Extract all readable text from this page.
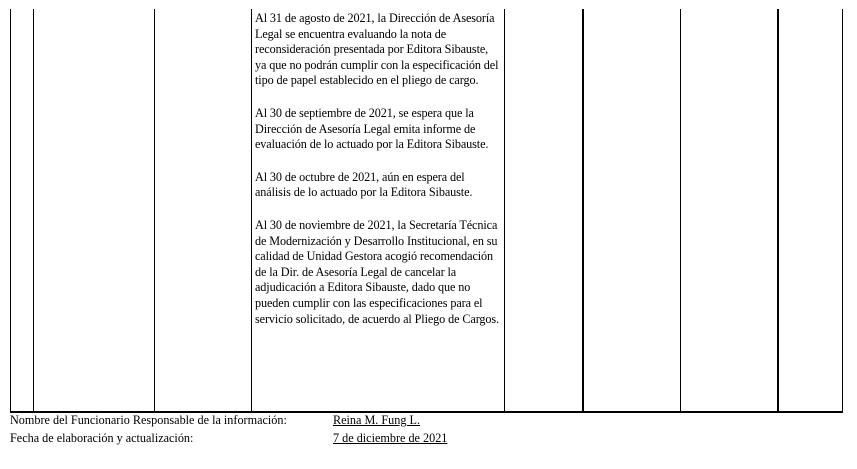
Al 31 de agosto de 2021, la Dirección de Asesoría Legal se encuentra evaluando la nota de reconsideración presentada por Editora Sibauste, ya que no podrán cumplir con la especificación del tipo de papel establecido en el pliego de cargo.

Al 30 de septiembre de 2021, se espera que la Dirección de Asesoría Legal emita informe de evaluación de lo actuado por la Editora Sibauste.

Al 30 de octubre de 2021, aún en espera del análisis de lo actuado por la Editora Sibauste.

Al 30 de noviembre de 2021, la Secretaría Técnica de Modernización y Desarrollo Institucional, en su calidad de Unidad Gestora acogió recomendación de la Dir. de Asesoría Legal de cancelar la adjudicación a Editora Sibauste, dado que no pueden cumplir con las especificaciones para el servicio solicitado, de acuerdo al Pliego de Cargos.

Nombre del Funcionario Responsable de la información:	Reina M. Fung L.
Fecha de elaboración y actualización:	7 de diciembre de 2021
